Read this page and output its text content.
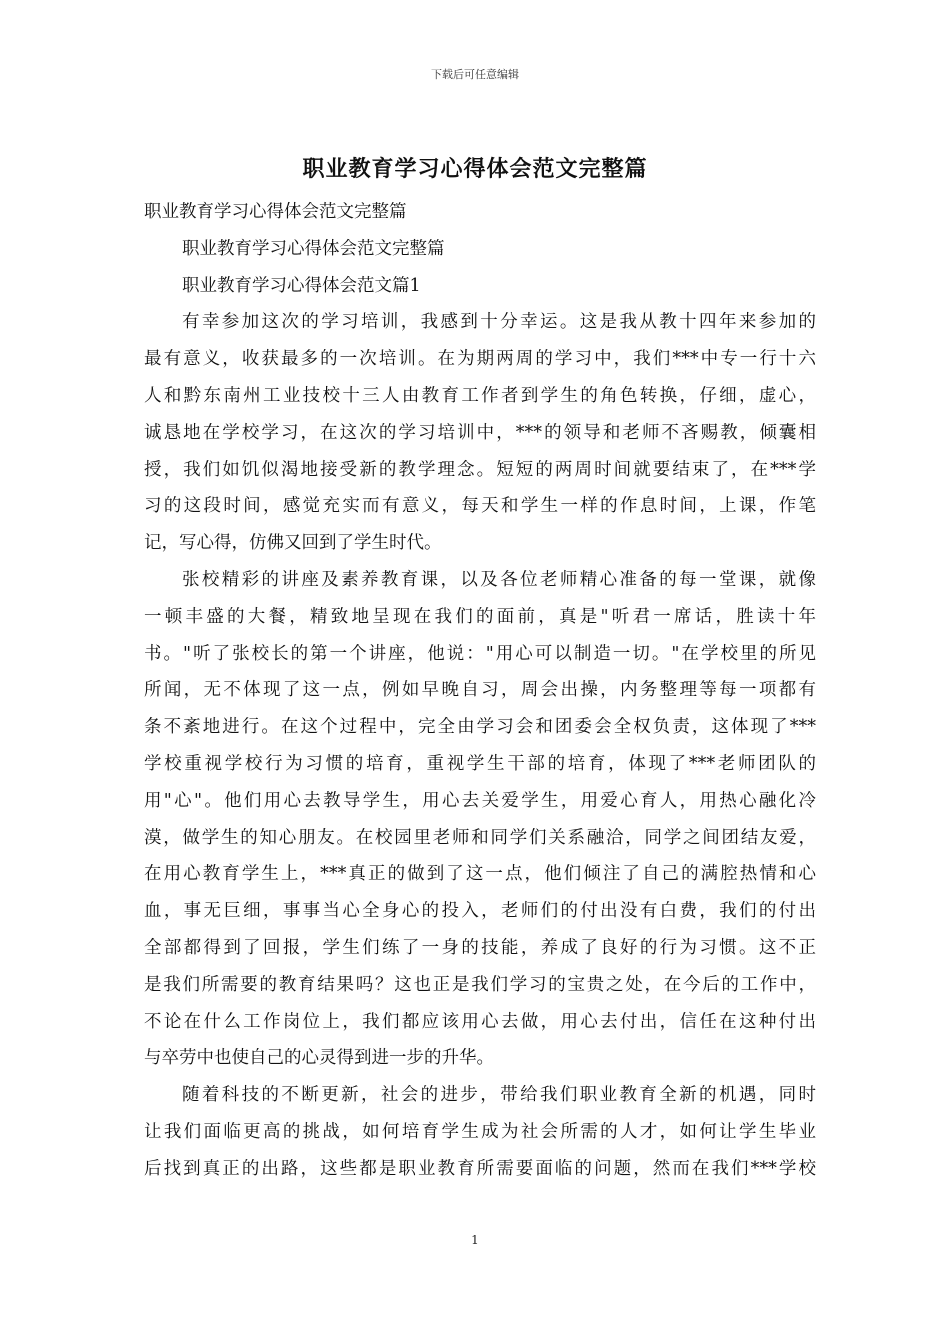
下载后可任意编辑
职业教育学习心得体会范文完整篇
职业教育学习心得体会范文完整篇
职业教育学习心得体会范文完整篇
职业教育学习心得体会范文篇1
有幸参加这次的学习培训，我感到十分幸运。这是我从教十四年来参加的
最有意义，收获最多的一次培训。在为期两周的学习中，我们***中专一行十六
人和黔东南州工业技校十三人由教育工作者到学生的角色转换，仔细，虚心，
诚恳地在学校学习，在这次的学习培训中，***的领导和老师不吝赐教，倾囊相
授，我们如饥似渴地接受新的教学理念。短短的两周时间就要结束了，在***学
习的这段时间，感觉充实而有意义，每天和学生一样的作息时间，上课，作笔
记，写心得，仿佛又回到了学生时代。
张校精彩的讲座及素养教育课，以及各位老师精心准备的每一堂课，就像
一顿丰盛的大餐，精致地呈现在我们的面前，真是"听君一席话，胜读十年
书。"听了张校长的第一个讲座，他说："用心可以制造一切。"在学校里的所见
所闻，无不体现了这一点，例如早晚自习，周会出操，内务整理等每一项都有
条不紊地进行。在这个过程中，完全由学习会和团委会全权负责，这体现了***
学校重视学校行为习惯的培育，重视学生干部的培育，体现了***老师团队的
用"心"。他们用心去教导学生，用心去关爱学生，用爱心育人，用热心融化冷
漠，做学生的知心朋友。在校园里老师和同学们关系融洽，同学之间团结友爱，
在用心教育学生上，***真正的做到了这一点，他们倾注了自己的满腔热情和心
血，事无巨细，事事当心全身心的投入，老师们的付出没有白费，我们的付出
全部都得到了回报，学生们练了一身的技能，养成了良好的行为习惯。这不正
是我们所需要的教育结果吗？这也正是我们学习的宝贵之处，在今后的工作中，
不论在什么工作岗位上，我们都应该用心去做，用心去付出，信任在这种付出
与卒劳中也使自己的心灵得到进一步的升华。
随着科技的不断更新，社会的进步，带给我们职业教育全新的机遇，同时
让我们面临更高的挑战，如何培育学生成为社会所需的人才，如何让学生毕业
后找到真正的出路，这些都是职业教育所需要面临的问题，然而在我们***学校
1
